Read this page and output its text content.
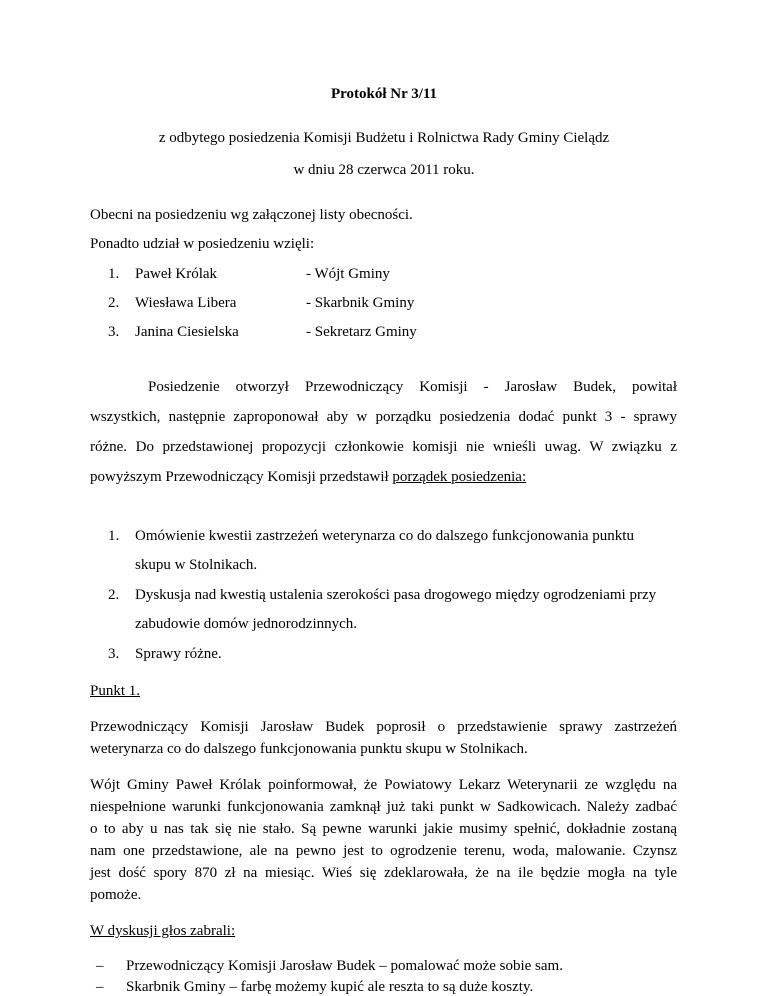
Protokół Nr 3/11
z odbytego posiedzenia Komisji Budżetu i Rolnictwa Rady Gminy Cielądz
w dniu 28 czerwca 2011 roku.
Obecni na posiedzeniu wg załączonej listy obecności.
Ponadto udział w posiedzeniu wzięli:
1. Paweł Królak	- Wójt Gminy
2. Wiesława Libera	- Skarbnik Gminy
3. Janina Ciesielska	- Sekretarz Gminy
Posiedzenie otworzył Przewodniczący Komisji - Jarosław Budek, powitał
wszystkich, następnie zaproponował aby w porządku posiedzenia dodać punkt 3 - sprawy
różne. Do przedstawionej propozycji członkowie komisji nie wnieśli uwag. W związku z
powyższym Przewodniczący Komisji przedstawił porządek posiedzenia:
1. Omówienie kwestii zastrzeżeń weterynarza co do dalszego funkcjonowania punktu
skupu w Stolnikach.
2. Dyskusja nad kwestią ustalenia szerokości pasa drogowego między ogrodzeniami przy
zabudowie domów jednorodzinnych.
3. Sprawy różne.
Punkt 1.
Przewodniczący Komisji Jarosław Budek poprosił o przedstawienie sprawy zastrzeżeń
weterynarza co do dalszego funkcjonowania punktu skupu w Stolnikach.
Wójt Gminy Paweł Królak poinformował, że Powiatowy Lekarz Weterynarii ze względu na
niespełnione warunki funkcjonowania zamknął już taki punkt w Sadkowicach. Należy zadbać
o to aby u nas tak się nie stało. Są pewne warunki jakie musimy spełnić, dokładnie zostaną
nam one przedstawione, ale na pewno jest to ogrodzenie terenu, woda, malowanie. Czynsz
jest dość spory 870 zł na miesiąc. Wieś się zdeklarowała, że na ile będzie mogła na tyle
pomoże.
W dyskusji głos zabrali:
– Przewodniczący Komisji Jarosław Budek – pomalować może sobie sam.
– Skarbnik Gminy – farbę możemy kupić ale reszta to są duże koszty.
